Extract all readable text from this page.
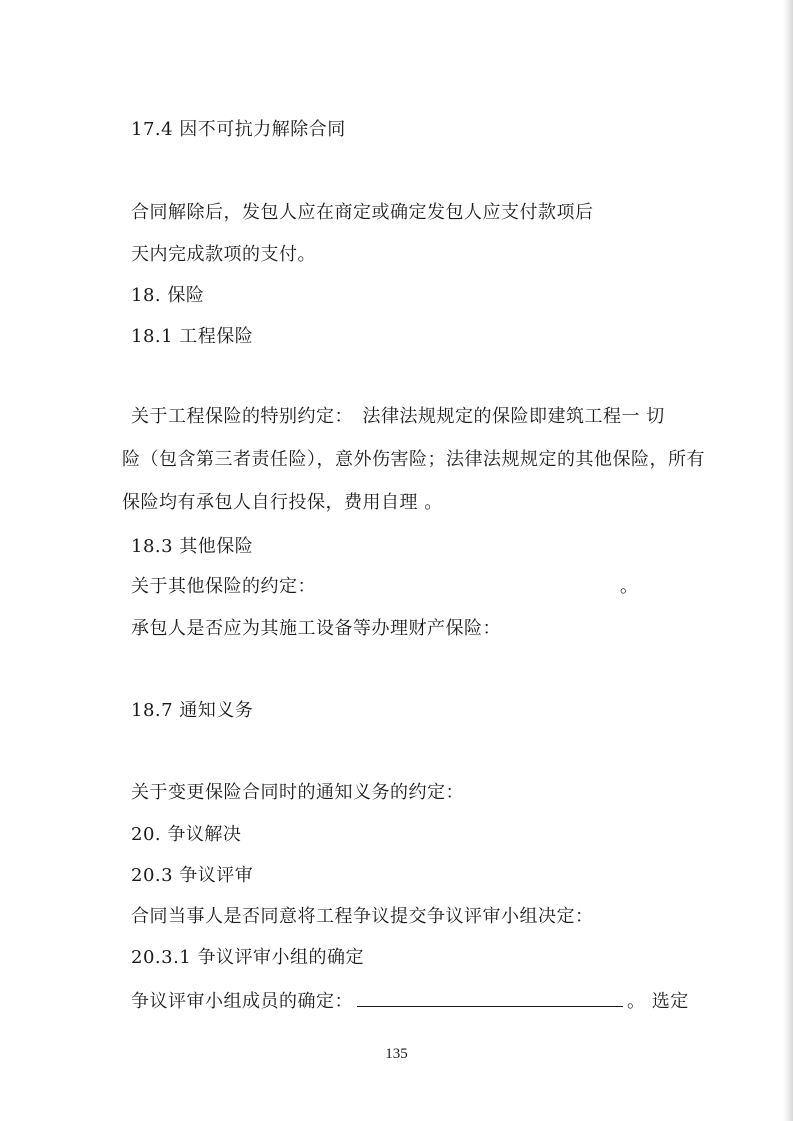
17.4 因不可抗力解除合同
合同解除后，发包人应在商定或确定发包人应支付款项后
天内完成款项的支付。
18. 保险
18.1 工程保险
关于工程保险的特别约定：　法律法规规定的保险即建筑工程一 切
险（包含第三者责任险），意外伤害险；法律法规规定的其他保险，所有
保险均有承包人自行投保，费用自理 。
18.3 其他保险
关于其他保险的约定：	。
承包人是否应为其施工设备等办理财产保险：
18.7 通知义务
关于变更保险合同时的通知义务的约定：
20. 争议解决
20.3 争议评审
合同当事人是否同意将工程争议提交争议评审小组决定：
20.3.1 争议评审小组的确定
争议评审小组成员的确定：	。 选定
135
